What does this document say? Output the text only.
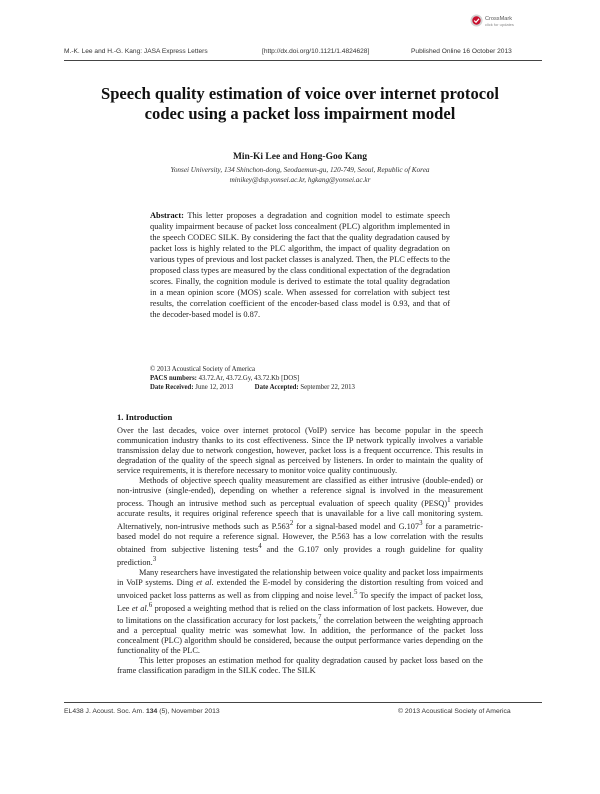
CrossMark
click for updates
M.-K. Lee and H.-G. Kang: JASA Express Letters	[http://dx.doi.org/10.1121/1.4824628]	Published Online 16 October 2013
Speech quality estimation of voice over internet protocol codec using a packet loss impairment model
Min-Ki Lee and Hong-Goo Kang
Yonsei University, 134 Shinchon-dong, Seodaemun-gu, 120-749, Seoul, Republic of Korea
minikey@dsp.yonsei.ac.kr, hgkang@yonsei.ac.kr
Abstract: This letter proposes a degradation and cognition model to estimate speech quality impairment because of packet loss concealment (PLC) algorithm implemented in the speech CODEC SILK. By considering the fact that the quality degradation caused by packet loss is highly related to the PLC algorithm, the impact of quality degradation on various types of previous and lost packet classes is analyzed. Then, the PLC effects to the proposed class types are measured by the class conditional expectation of the degradation scores. Finally, the cognition module is derived to estimate the total quality degradation in a mean opinion score (MOS) scale. When assessed for correlation with subject test results, the correlation coefficient of the encoder-based class model is 0.93, and that of the decoder-based model is 0.87.
© 2013 Acoustical Society of America
PACS numbers: 43.72.Ar, 43.72.Gy, 43.72.Kb [DOS]
Date Received: June 12, 2013	Date Accepted: September 22, 2013
1. Introduction

Over the last decades, voice over internet protocol (VoIP) service has become popular in the speech communication industry thanks to its cost effectiveness. Since the IP network typically involves a variable transmission delay due to network congestion, however, packet loss is a frequent occurrence. This results in degradation of the quality of the speech signal as perceived by listeners. In order to maintain the quality of service requirements, it is therefore necessary to monitor voice quality continuously.

Methods of objective speech quality measurement are classified as either intrusive (double-ended) or non-intrusive (single-ended), depending on whether a reference signal is involved in the measurement process. Though an intrusive method such as perceptual evaluation of speech quality (PESQ)$^1$ provides accurate results, it requires original reference speech that is unavailable for a live call monitoring system. Alternatively, non-intrusive methods such as P.563$^2$ for a signal-based model and G.107$^3$ for a parametric-based model do not require a reference signal. However, the P.563 has a low correlation with the results obtained from subjective listening tests$^4$ and the G.107 only provides a rough guideline for quality prediction.$^3$

Many researchers have investigated the relationship between voice quality and packet loss impairments in VoIP systems. Ding et al. extended the E-model by considering the distortion resulting from voiced and unvoiced packet loss patterns as well as from clipping and noise level.$^5$ To specify the impact of packet loss, Lee et al.$^6$ proposed a weighting method that is relied on the class information of lost packets. However, due to limitations on the classification accuracy for lost packets,$^7$ the correlation between the weighting approach and a perceptual quality metric was somewhat low. In addition, the performance of the packet loss concealment (PLC) algorithm should be considered, because the output performance varies depending on the functionality of the PLC.

This letter proposes an estimation method for quality degradation caused by packet loss based on the frame classification paradigm in the SILK codec. The SILK

EL438 J. Acoust. Soc. Am. 134 (5), November 2013	© 2013 Acoustical Society of America
